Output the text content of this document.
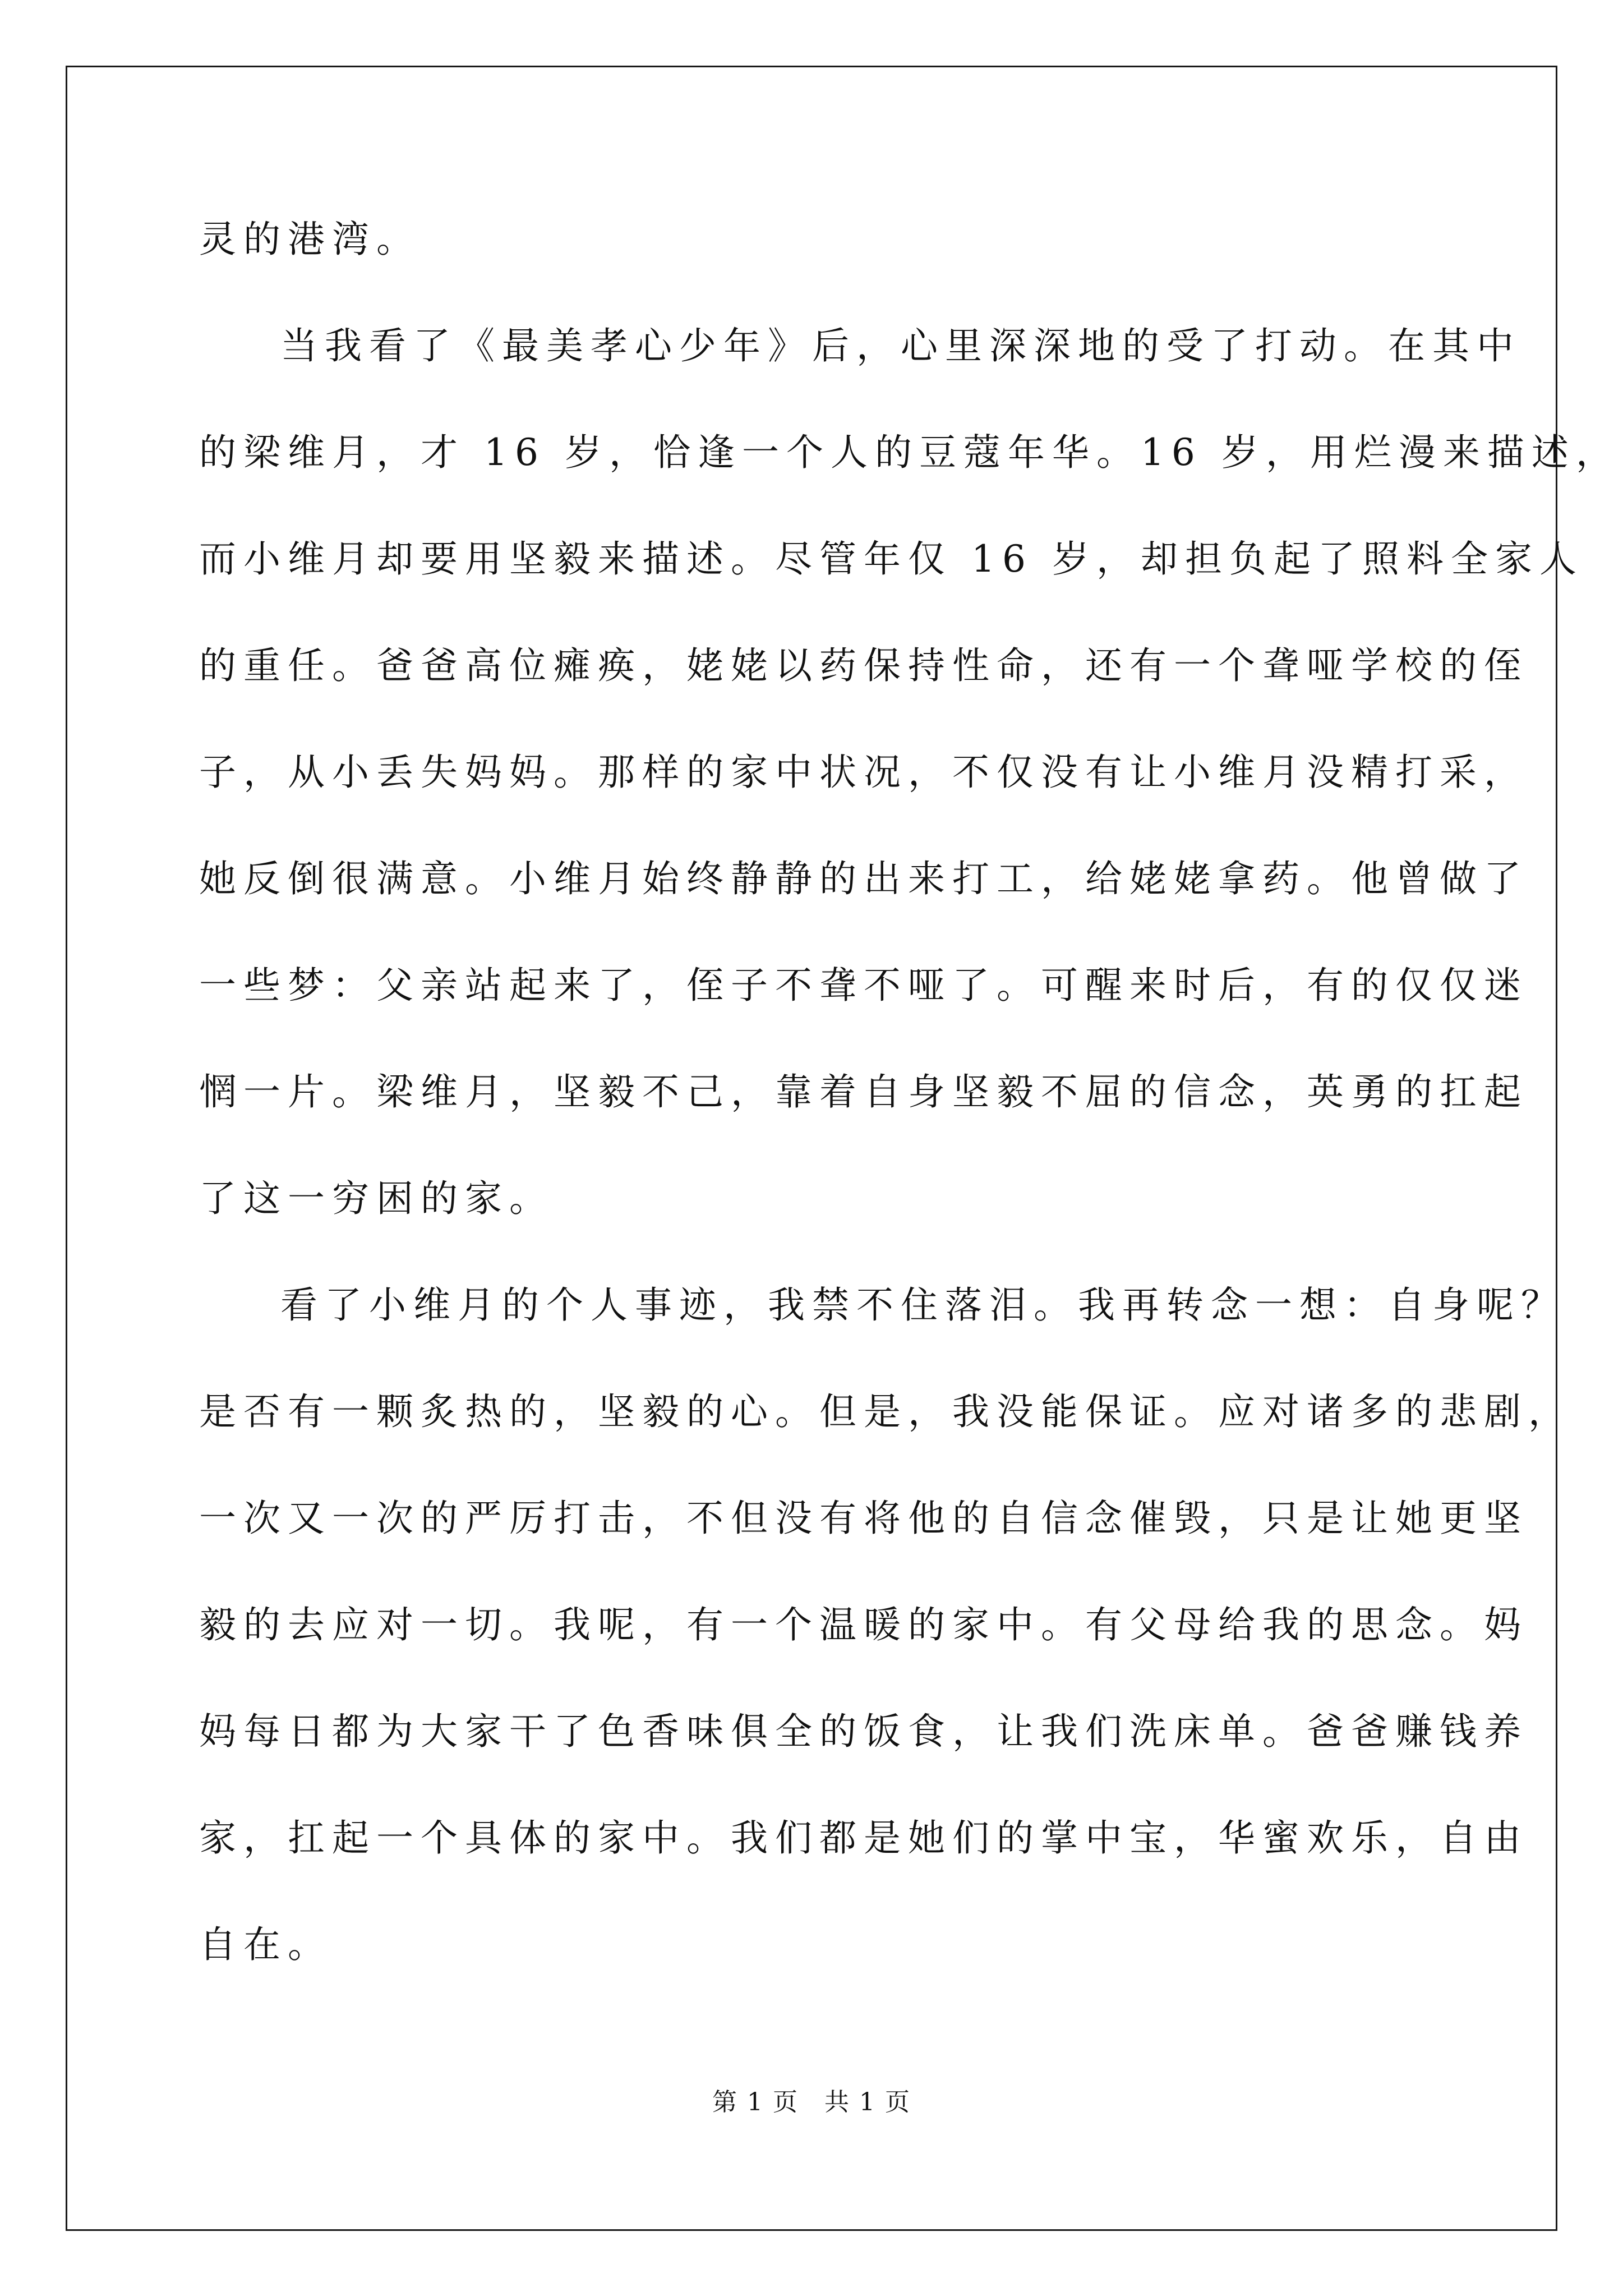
灵的港湾。
当我看了《最美孝心少年》后，心里深深地的受了打动。在其中
的梁维月，才 16 岁，恰逢一个人的豆蔻年华。16 岁，用烂漫来描述，
而小维月却要用坚毅来描述。尽管年仅 16 岁，却担负起了照料全家人
的重任。爸爸高位瘫痪，姥姥以药保持性命，还有一个聋哑学校的侄
子，从小丢失妈妈。那样的家中状况，不仅没有让小维月没精打采，
她反倒很满意。小维月始终静静的出来打工，给姥姥拿药。他曾做了
一些梦：父亲站起来了，侄子不聋不哑了。可醒来时后，有的仅仅迷
惘一片。梁维月，坚毅不己，靠着自身坚毅不屈的信念，英勇的扛起
了这一穷困的家。
看了小维月的个人事迹，我禁不住落泪。我再转念一想：自身呢？
是否有一颗炙热的，坚毅的心。但是，我没能保证。应对诸多的悲剧，
一次又一次的严厉打击，不但没有将他的自信念催毁，只是让她更坚
毅的去应对一切。我呢，有一个温暖的家中。有父母给我的思念。妈
妈每日都为大家干了色香味俱全的饭食，让我们洗床单。爸爸赚钱养
家，扛起一个具体的家中。我们都是她们的掌中宝，华蜜欢乐，自由
自在。
第 1 页　共 1 页
